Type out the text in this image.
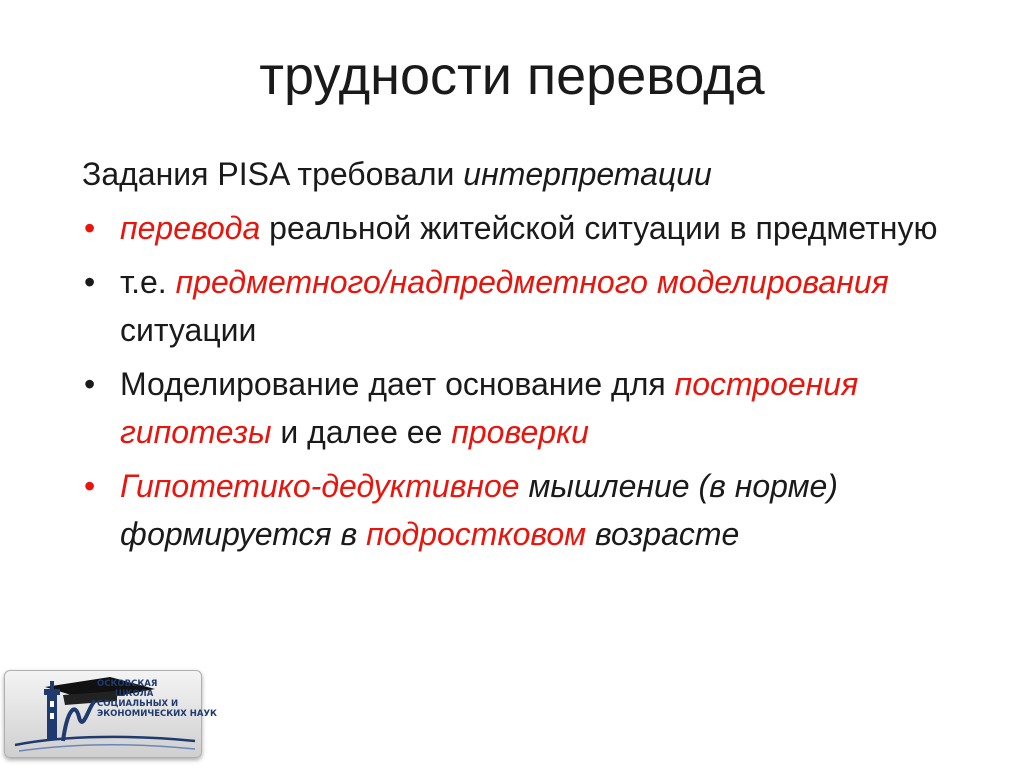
трудности перевода
Задания PISA требовали интерпретации
• перевода реальной житейской ситуации в предметную
• т.е. предметного/надпредметного моделирования ситуации
• Моделирование дает основание для построения гипотезы и далее ее проверки
• Гипотетико-дедуктивное мышление (в норме) формируется в подростковом возрасте
ОСКОВСКАЯ
ШКОЛА
СОЦИАЛЬНЫХ И
ЭКОНОМИЧЕСКИХ НАУК
